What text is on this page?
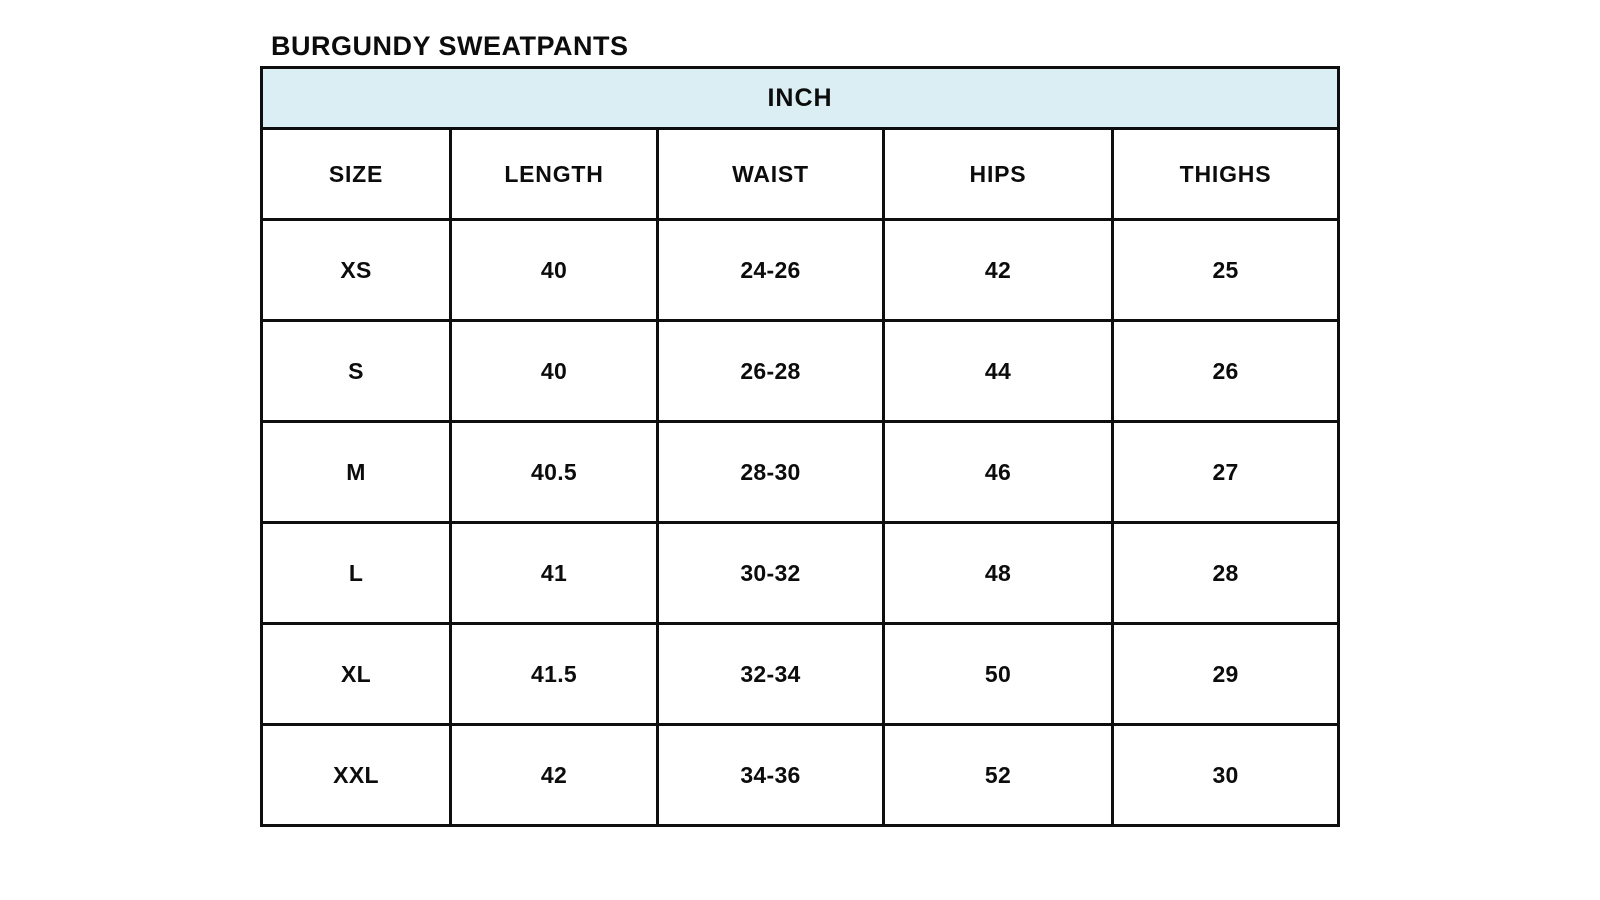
BURGUNDY SWEATPANTS
INCH				
SIZE	LENGTH	WAIST	HIPS	THIGHS
XS	40	24-26	42	25
S	40	26-28	44	26
M	40.5	28-30	46	27
L	41	30-32	48	28
XL	41.5	32-34	50	29
XXL	42	34-36	52	30
